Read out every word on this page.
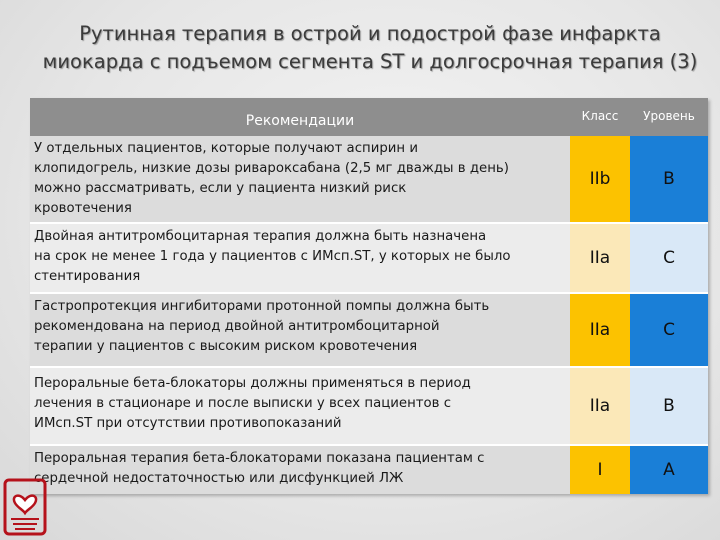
Рутинная терапия в острой и подострой фазе инфаркта
миокарда с подъемом сегмента ST и долгосрочная терапия (3)
Рекомендации	Класс	Уровень
У отдельных пациентов, которые получают аспирин и
клопидогрель, низкие дозы ривароксабана (2,5 мг дважды в день)
можно рассматривать, если у пациента низкий риск
кровотечения
IIb	B
Двойная антитромбоцитарная терапия должна быть назначена
на срок не менее 1 года у пациентов с ИМсп.ST, у которых не было
стентирования
IIa	C
Гастропротекция ингибиторами протонной помпы должна быть
рекомендована на период двойной антитромбоцитарной
терапии у пациентов с высоким риском кровотечения
IIa	C
Пероральные бета-блокаторы должны применяться в период
лечения в стационаре и после выписки у всех пациентов с
ИМсп.ST при отсутствии противопоказаний
IIa	B
Пероральная терапия бета-блокаторами показана пациентам с
сердечной недостаточностью или дисфункцией ЛЖ	I	A
